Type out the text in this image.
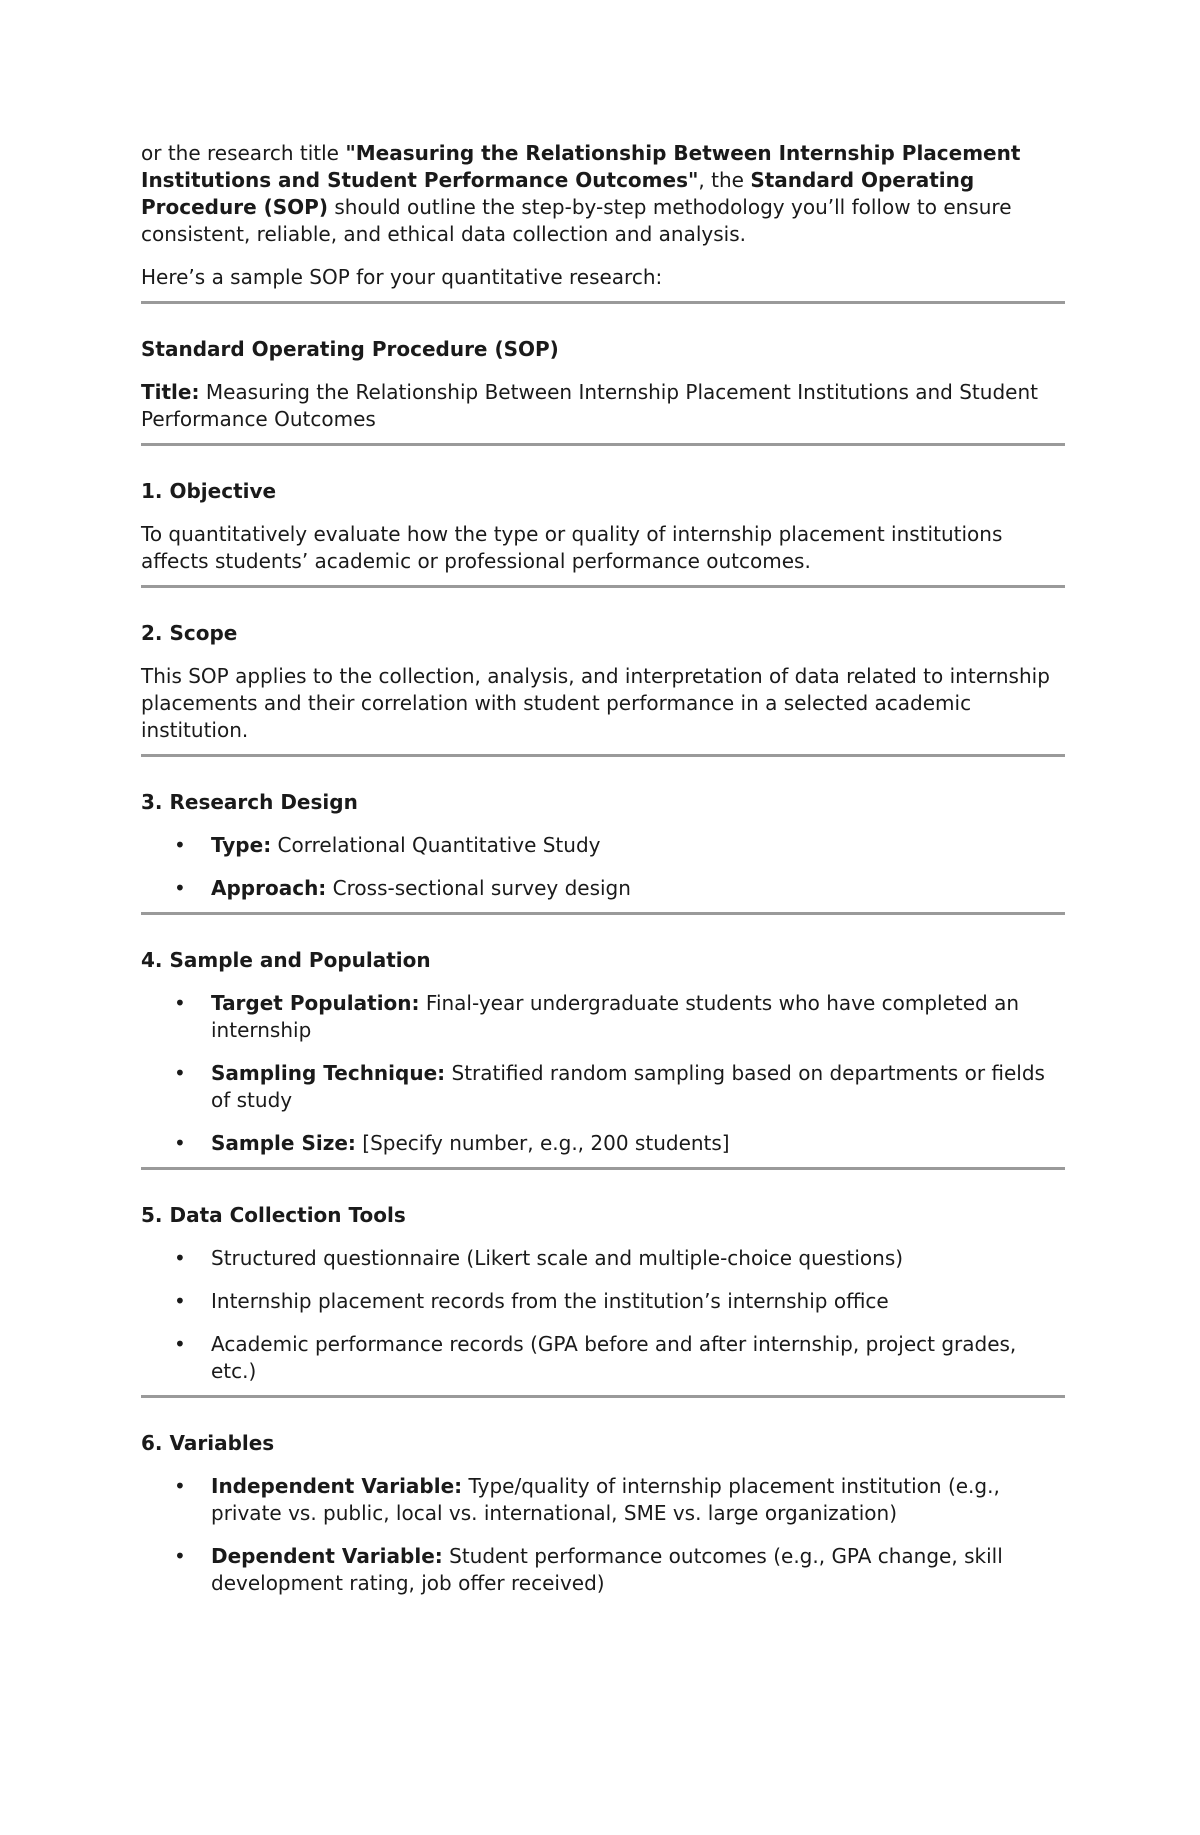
or the research title "Measuring the Relationship Between Internship Placement Institutions and Student Performance Outcomes", the Standard Operating Procedure (SOP) should outline the step-by-step methodology you’ll follow to ensure consistent, reliable, and ethical data collection and analysis.

Here’s a sample SOP for your quantitative research:

Standard Operating Procedure (SOP)

Title: Measuring the Relationship Between Internship Placement Institutions and Student Performance Outcomes

1. Objective

To quantitatively evaluate how the type or quality of internship placement institutions affects students’ academic or professional performance outcomes.

2. Scope

This SOP applies to the collection, analysis, and interpretation of data related to internship placements and their correlation with student performance in a selected academic institution.

3. Research Design
• Type: Correlational Quantitative Study
• Approach: Cross-sectional survey design
4. Sample and Population
• Target Population: Final-year undergraduate students who have completed an internship
• Sampling Technique: Stratified random sampling based on departments or fields of study
• Sample Size: [Specify number, e.g., 200 students]
5. Data Collection Tools
• Structured questionnaire (Likert scale and multiple-choice questions)
• Internship placement records from the institution’s internship office
• Academic performance records (GPA before and after internship, project grades, etc.)
6. Variables
• Independent Variable: Type/quality of internship placement institution (e.g., private vs. public, local vs. international, SME vs. large organization)
• Dependent Variable: Student performance outcomes (e.g., GPA change, skill development rating, job offer received)
